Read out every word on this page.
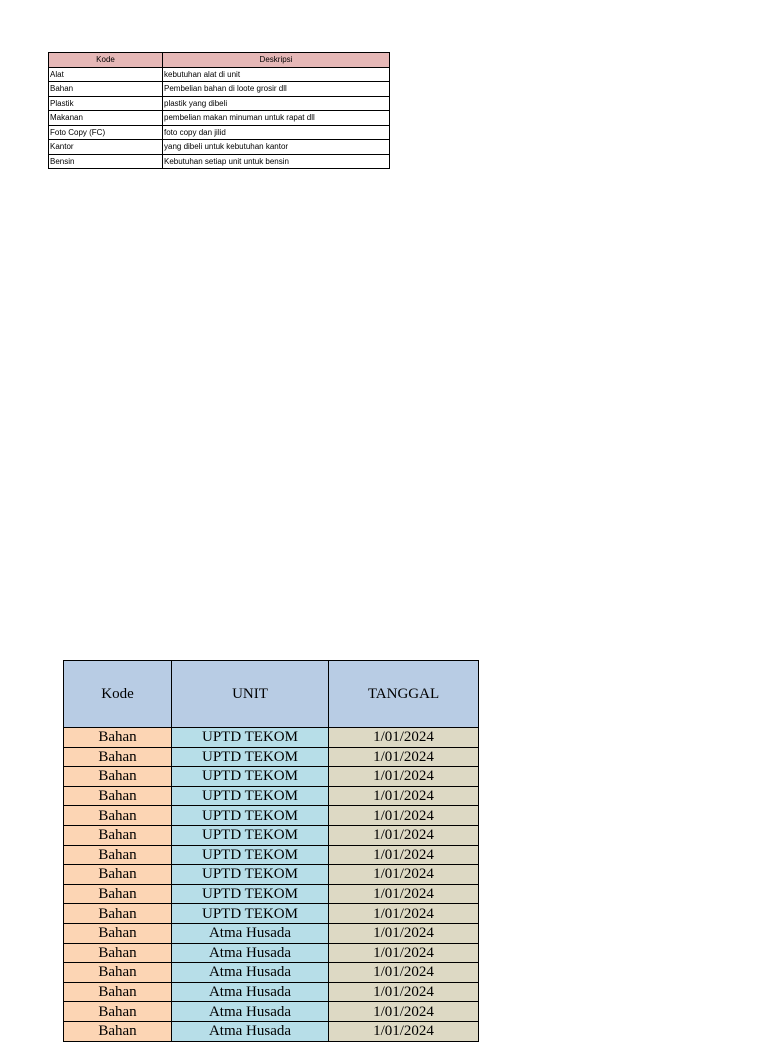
Kode	Deskripsi
Alat	kebutuhan alat di unit
Bahan	Pembelian bahan di loote grosir dll
Plastik	plastik yang dibeli
Makanan	pembelian makan minuman untuk rapat dll
Foto Copy (FC)	foto copy dan jilid
Kantor	yang dibeli untuk kebutuhan kantor
Bensin	Kebutuhan setiap unit untuk bensin
Kode	UNIT	TANGGAL
Bahan	UPTD TEKOM	1/01/2024
Bahan	UPTD TEKOM	1/01/2024
Bahan	UPTD TEKOM	1/01/2024
Bahan	UPTD TEKOM	1/01/2024
Bahan	UPTD TEKOM	1/01/2024
Bahan	UPTD TEKOM	1/01/2024
Bahan	UPTD TEKOM	1/01/2024
Bahan	UPTD TEKOM	1/01/2024
Bahan	UPTD TEKOM	1/01/2024
Bahan	UPTD TEKOM	1/01/2024
Bahan	Atma Husada	1/01/2024
Bahan	Atma Husada	1/01/2024
Bahan	Atma Husada	1/01/2024
Bahan	Atma Husada	1/01/2024
Bahan	Atma Husada	1/01/2024
Bahan	Atma Husada	1/01/2024
